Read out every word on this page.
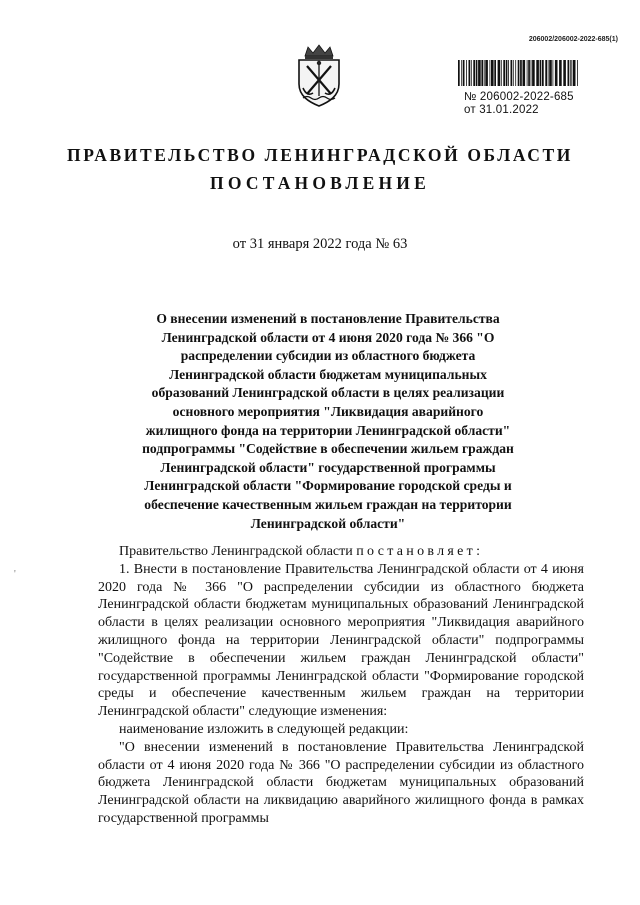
206002/206002-2022-685(1)
№ 206002-2022-685
от 31.01.2022
ПРАВИТЕЛЬСТВО ЛЕНИНГРАДСКОЙ ОБЛАСТИ
ПОСТАНОВЛЕНИЕ
от 31 января 2022 года № 63
О внесении изменений в постановление Правительства Ленинградской области от 4 июня 2020 года № 366 "О распределении субсидии из областного бюджета Ленинградской области бюджетам муниципальных образований Ленинградской области в целях реализации основного мероприятия "Ликвидация аварийного жилищного фонда на территории Ленинградской области" подпрограммы "Содействие в обеспечении жильем граждан Ленинградской области" государственной программы Ленинградской области "Формирование городской среды и обеспечение качественным жильем граждан на территории Ленинградской области"
'

Правительство Ленинградской области постановляет:

1. Внести в постановление Правительства Ленинградской области от 4 июня 2020 года № 366 "О распределении субсидии из областного бюджета Ленинградской области бюджетам муниципальных образований Ленинградской области в целях реализации основного мероприятия "Ликвидация аварийного жилищного фонда на территории Ленинградской области" подпрограммы "Содействие в обеспечении жильем граждан Ленинградской области" государственной программы Ленинградской области "Формирование городской среды и обеспечение качественным жильем граждан на территории Ленинградской области" следующие изменения:

наименование изложить в следующей редакции:

"О внесении изменений в постановление Правительства Ленинградской области от 4 июня 2020 года № 366 "О распределении субсидии из областного бюджета Ленинградской области бюджетам муниципальных образований Ленинградской области на ликвидацию аварийного жилищного фонда в рамках государственной программы
